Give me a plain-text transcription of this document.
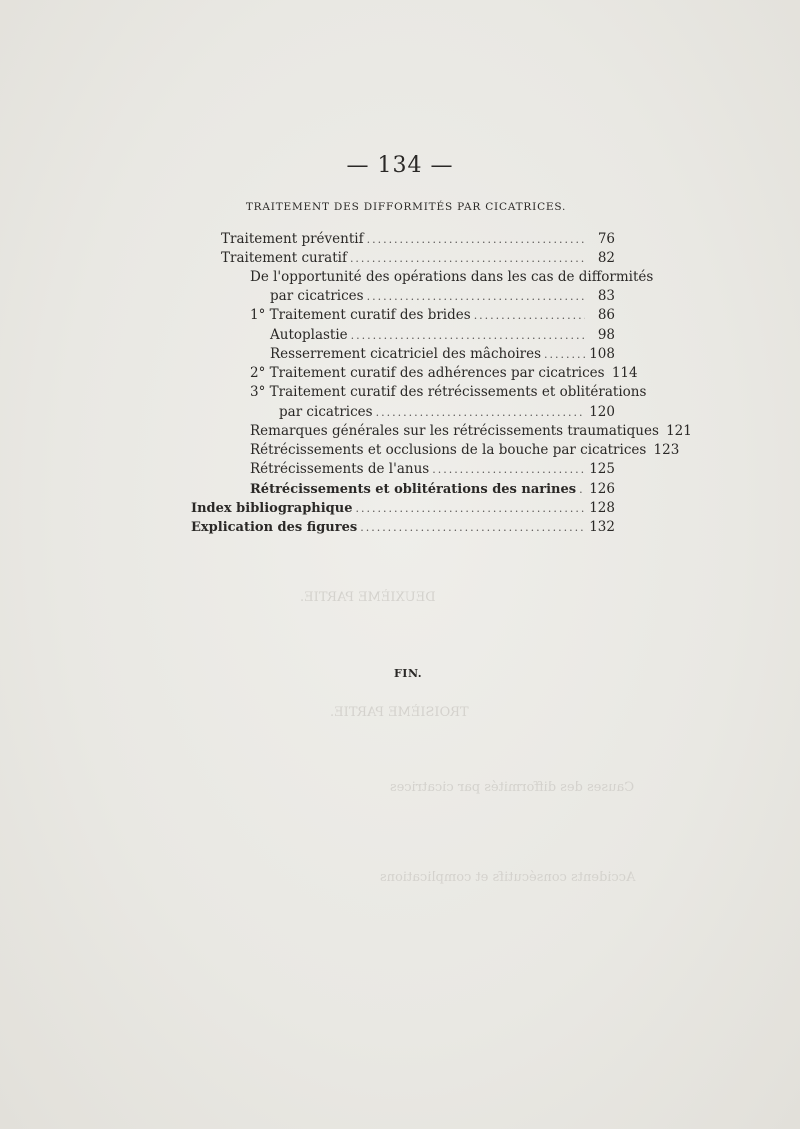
DEUXIÈME PARTIE.
TROISIÈME PARTIE.
Causes des difformités par cicatrices
Accidents consécutifs et complications
— 134 —
TRAITEMENT DES DIFFORMITÉS PAR CICATRICES.
Traitement préventif .....	76
Traitement curatif .....	82
De l'opportunité des opérations dans les cas de difformités
par cicatrices .....	83
1° Traitement curatif des brides .....	86
Autoplastie .....	98
Resserrement cicatriciel des mâchoires .....	108
2° Traitement curatif des adhérences par cicatrices 114
3° Traitement curatif des rétrécissements et oblitérations
par cicatrices .....	120
Remarques générales sur les rétrécissements traumatiques 121
Rétrécissements et occlusions de la bouche par cicatrices 123
Rétrécissements de l'anus .....	125
Rétrécissements et oblitérations des narines ..... 126
Index bibliographique .....	128
Explication des figures .....	132
FIN.
